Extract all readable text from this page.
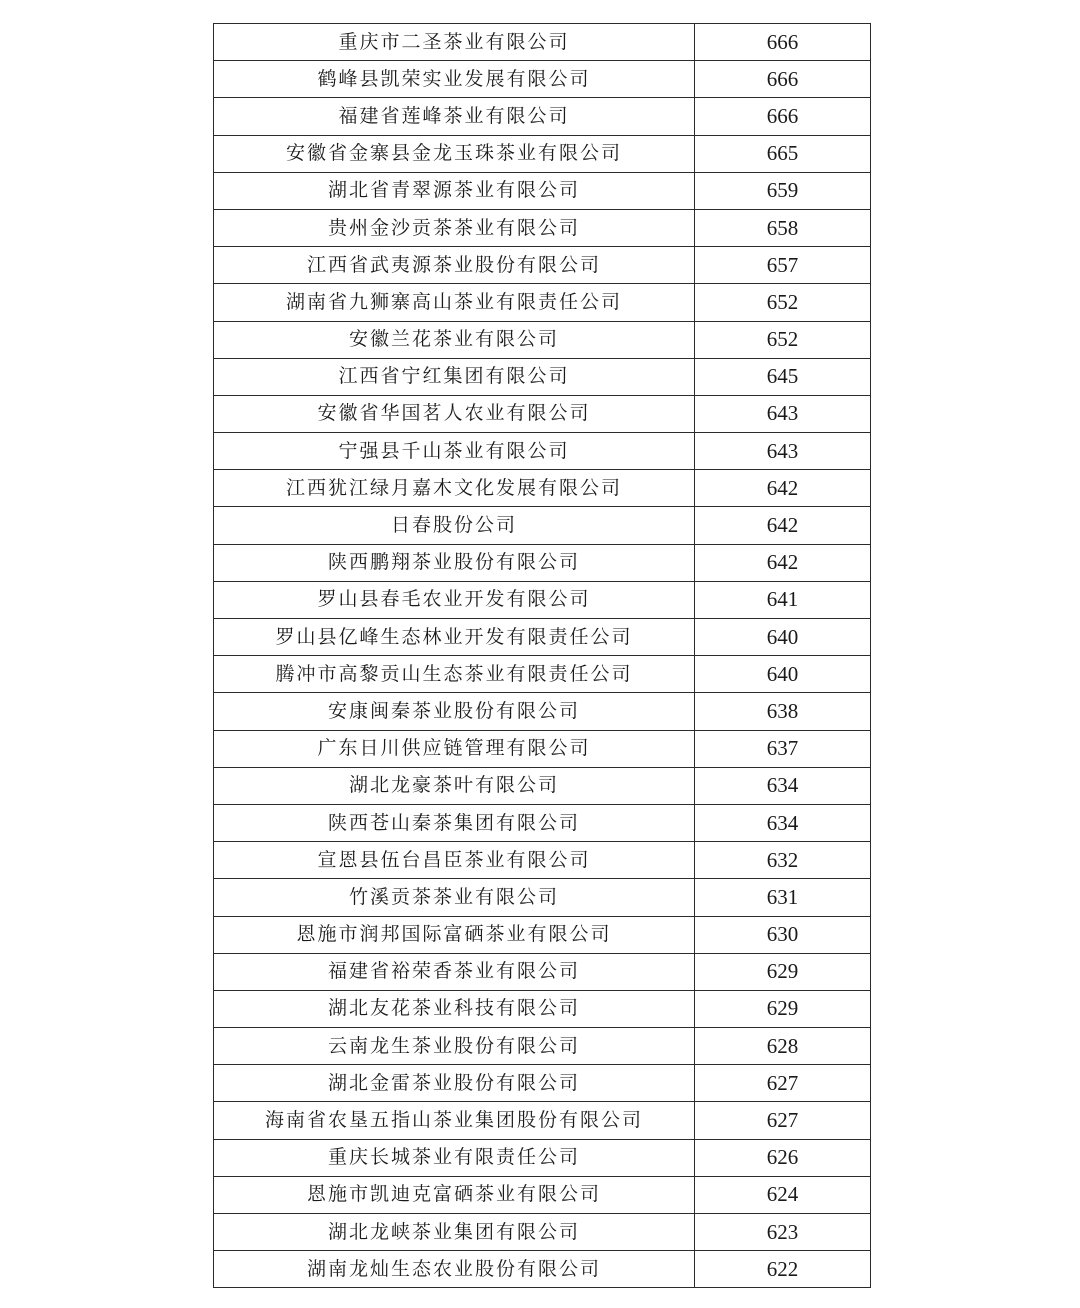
重庆市二圣茶业有限公司	666
鹤峰县凯荣实业发展有限公司	666
福建省莲峰茶业有限公司	666
安徽省金寨县金龙玉珠茶业有限公司	665
湖北省青翠源茶业有限公司	659
贵州金沙贡茶茶业有限公司	658
江西省武夷源茶业股份有限公司	657
湖南省九狮寨高山茶业有限责任公司	652
安徽兰花茶业有限公司	652
江西省宁红集团有限公司	645
安徽省华国茗人农业有限公司	643
宁强县千山茶业有限公司	643
江西犹江绿月嘉木文化发展有限公司	642
日春股份公司	642
陕西鹏翔茶业股份有限公司	642
罗山县春毛农业开发有限公司	641
罗山县亿峰生态林业开发有限责任公司	640
腾冲市高黎贡山生态茶业有限责任公司	640
安康闽秦茶业股份有限公司	638
广东日川供应链管理有限公司	637
湖北龙豪茶叶有限公司	634
陕西苍山秦茶集团有限公司	634
宣恩县伍台昌臣茶业有限公司	632
竹溪贡茶茶业有限公司	631
恩施市润邦国际富硒茶业有限公司	630
福建省裕荣香茶业有限公司	629
湖北友花茶业科技有限公司	629
云南龙生茶业股份有限公司	628
湖北金雷茶业股份有限公司	627
海南省农垦五指山茶业集团股份有限公司	627
重庆长城茶业有限责任公司	626
恩施市凯迪克富硒茶业有限公司	624
湖北龙峡茶业集团有限公司	623
湖南龙灿生态农业股份有限公司	622
